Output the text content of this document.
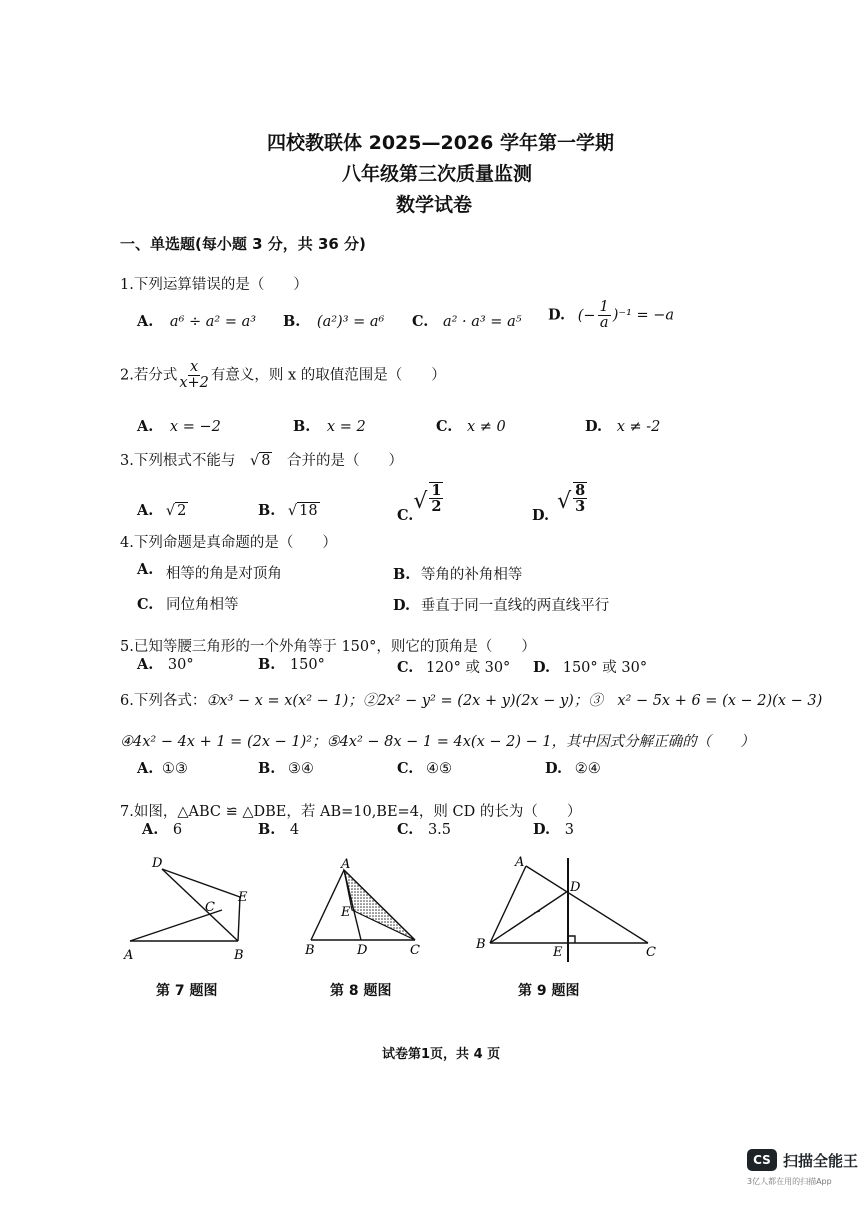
四校教联体 2025—2026 学年第一学期
八年级第三次质量监测
数学试卷
一、单选题(每小题 3 分，共 36 分)
1.下列运算错误的是（　　）
A. a⁶ ÷ a² = a³ B. (a²)³ = a⁶ C. a² · a³ = a⁵ D. (− $\frac{1}{a} )^{-1} = -a$
2.若分式 $\frac{x}{x+2}$ 有意义，则 x 的取值范围是（　　）
A. x = −2	B. x = 2	C. x ≠ 0	D. x ≠ -2
3.下列根式不能与 √ 8 合并的是（　　）
A. √ 2	B. √ 18	$C.√ \frac{1}{2}$
$D.√ \frac{8}{3}$
4.下列命题是真命题的是（　　）
A. 相等的角是对顶角	B. 等角的补角相等
C. 同位角相等	D. 垂直于同一直线的两直线平行
5.已知等腰三角形的一个外角等于 150°，则它的顶角是（　　）
A. 30°	B. 150°	C. 120° 或 30° D. 150° 或 30°
6.下列各式：①x³ − x = x(x² − 1)；②2x² − y² = (2x + y)(2x − y)；③　x² − 5x + 6 = (x − 2)(x − 3)
④4x² − 4x + 1 = (2x − 1)²；⑤4x² − 8x − 1 = 4x(x − 2) − 1，其中因式分解正确的（　　）
A. ①③	B. ③④	C. ④⑤	D. ②④
7.如图，△ABC ≌ △DBE，若 AB=10,BE=4，则 CD 的长为（　　）
A. 6	B. 4	C. 3.5	D. 3
D
E
C
A	B
第 7 题图
A
E
B	D	C
第 8 题图
A
D
B
E	C
第 9 题图
试卷第1页，共 4 页
CS 扫描全能王
3亿人都在用的扫描App
